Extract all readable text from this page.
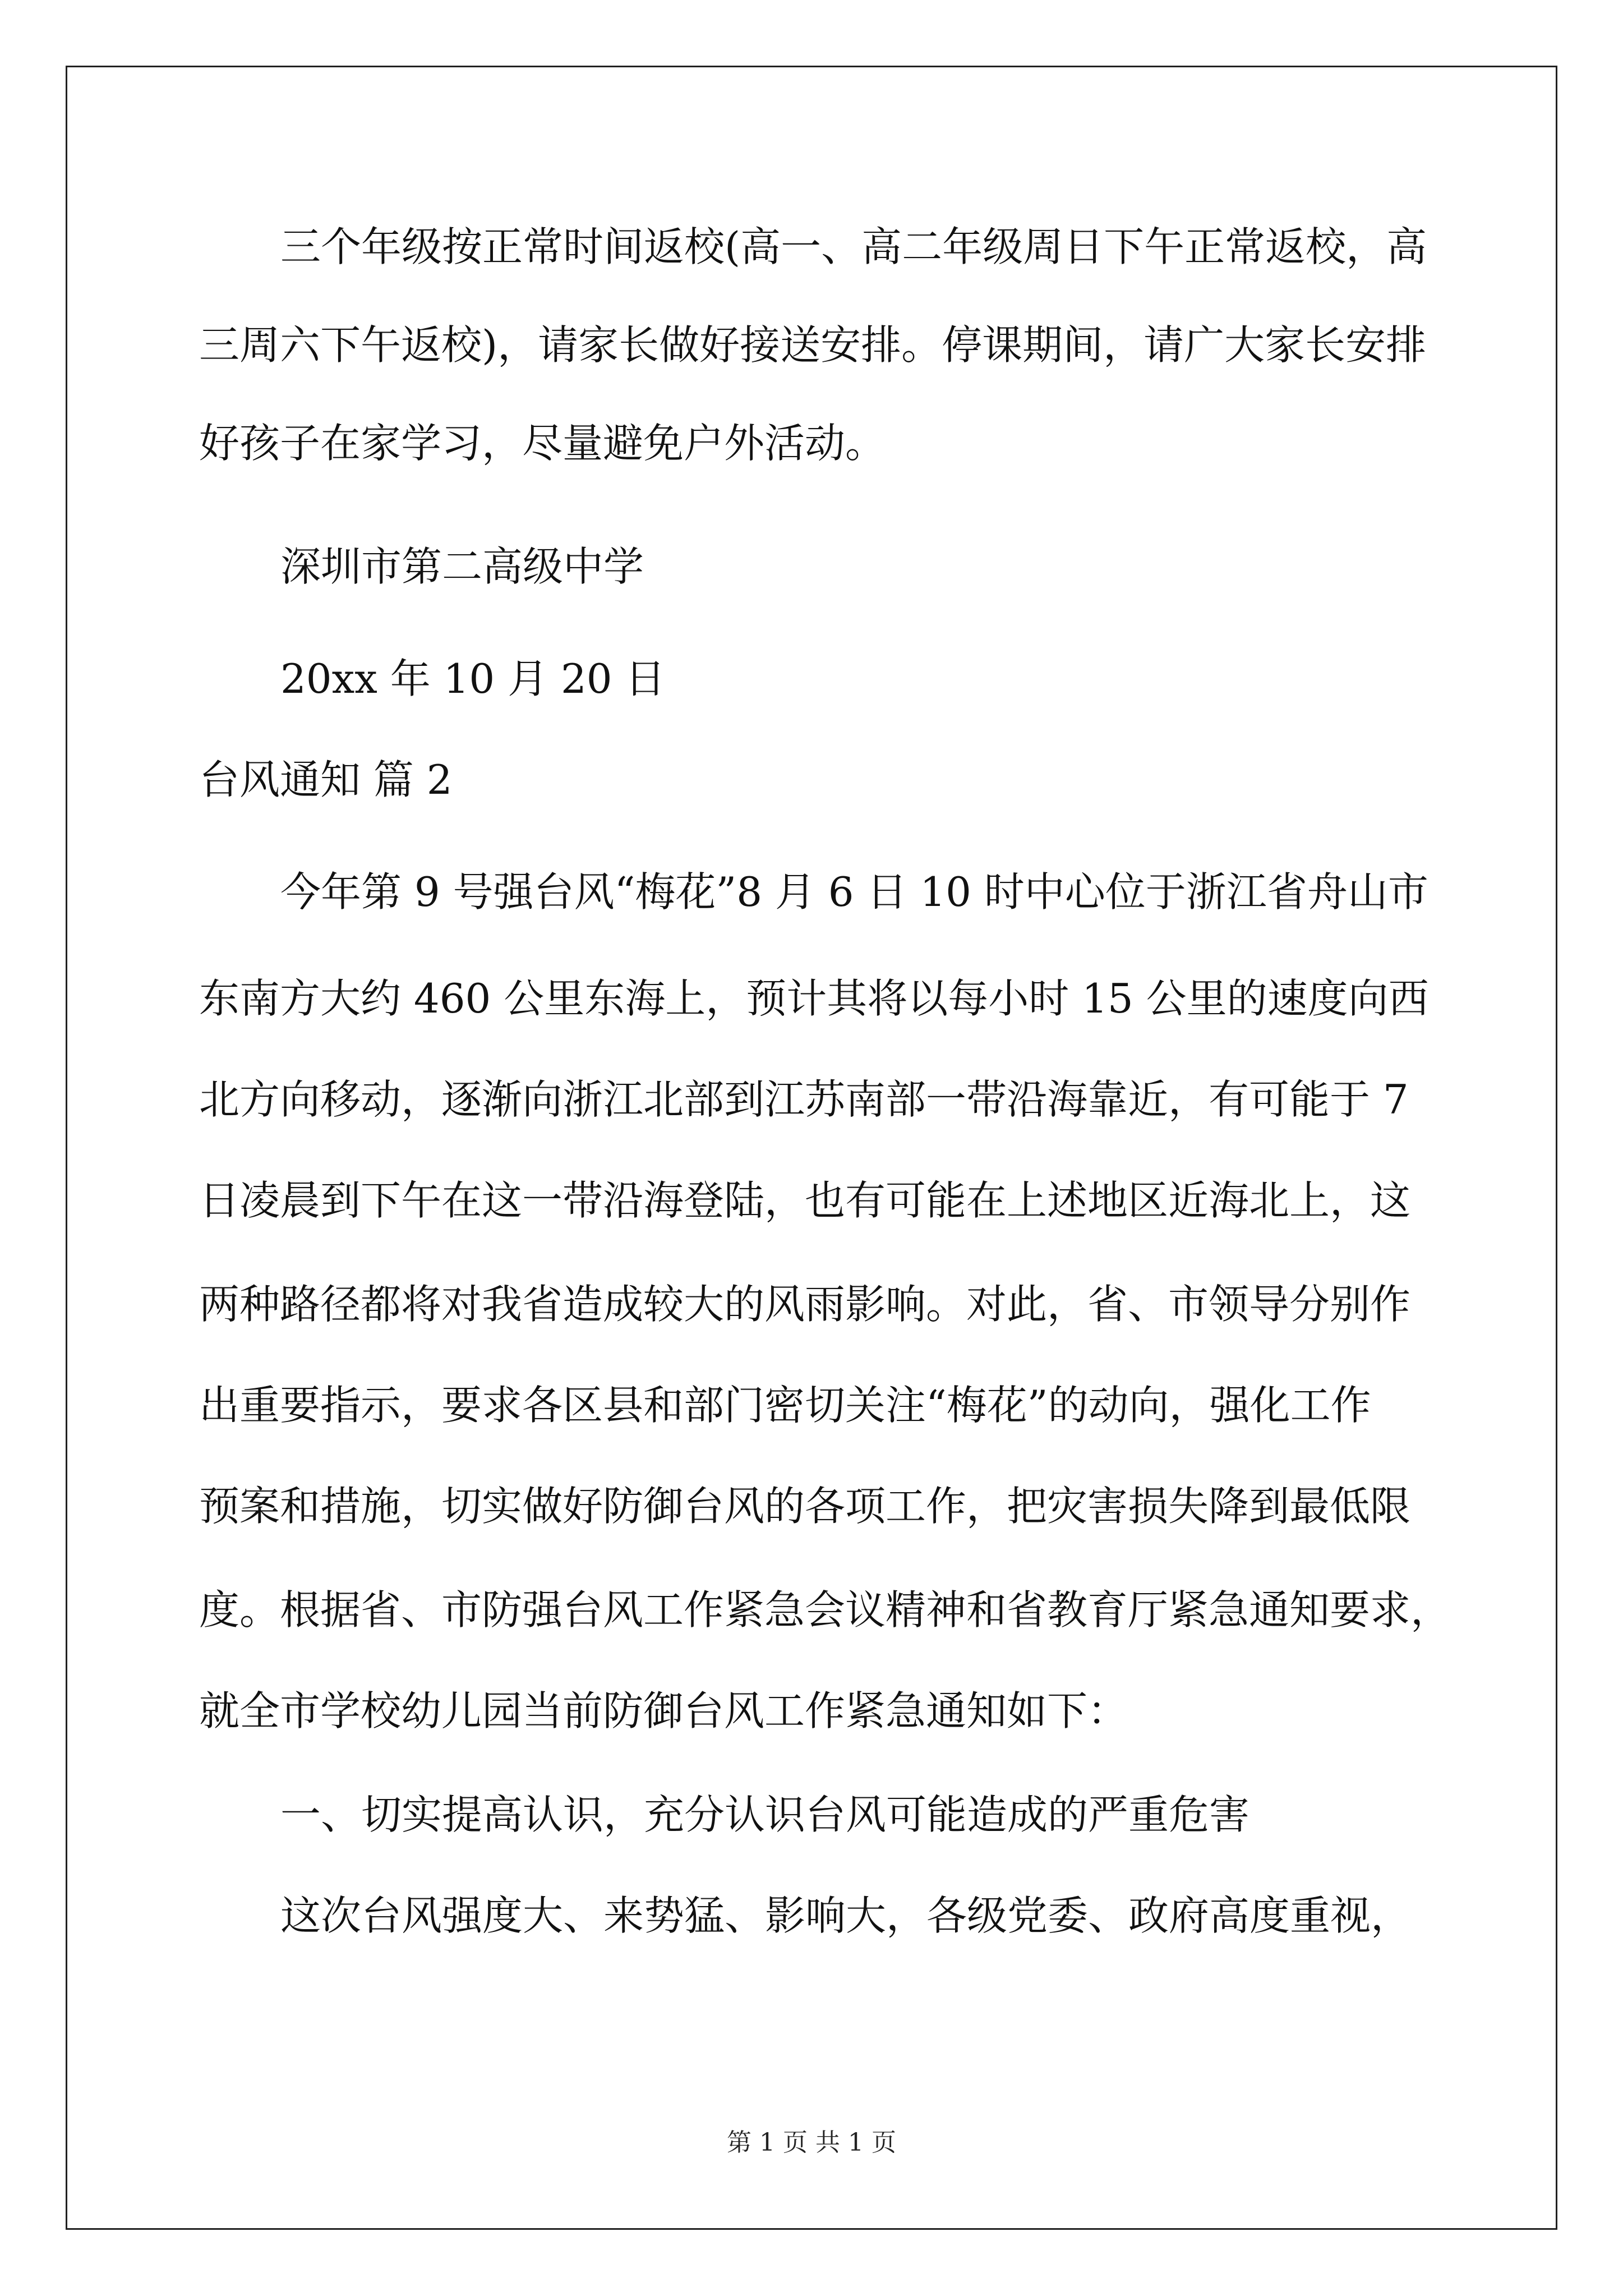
三个年级按正常时间返校(高一、高二年级周日下午正常返校，高
三周六下午返校)，请家长做好接送安排。停课期间，请广大家长安排
好孩子在家学习，尽量避免户外活动。
深圳市第二高级中学
20xx 年 10 月 20 日
台风通知 篇 2
今年第 9 号强台风“梅花”8 月 6 日 10 时中心位于浙江省舟山市
东南方大约 460 公里东海上，预计其将以每小时 15 公里的速度向西
北方向移动，逐渐向浙江北部到江苏南部一带沿海靠近，有可能于 7
日凌晨到下午在这一带沿海登陆，也有可能在上述地区近海北上，这
两种路径都将对我省造成较大的风雨影响。对此，省、市领导分别作
出重要指示，要求各区县和部门密切关注“梅花”的动向，强化工作
预案和措施，切实做好防御台风的各项工作，把灾害损失降到最低限
度。根据省、市防强台风工作紧急会议精神和省教育厅紧急通知要求，
就全市学校幼儿园当前防御台风工作紧急通知如下：
一、切实提高认识，充分认识台风可能造成的严重危害
这次台风强度大、来势猛、影响大，各级党委、政府高度重视，
第 1 页 共 1 页
